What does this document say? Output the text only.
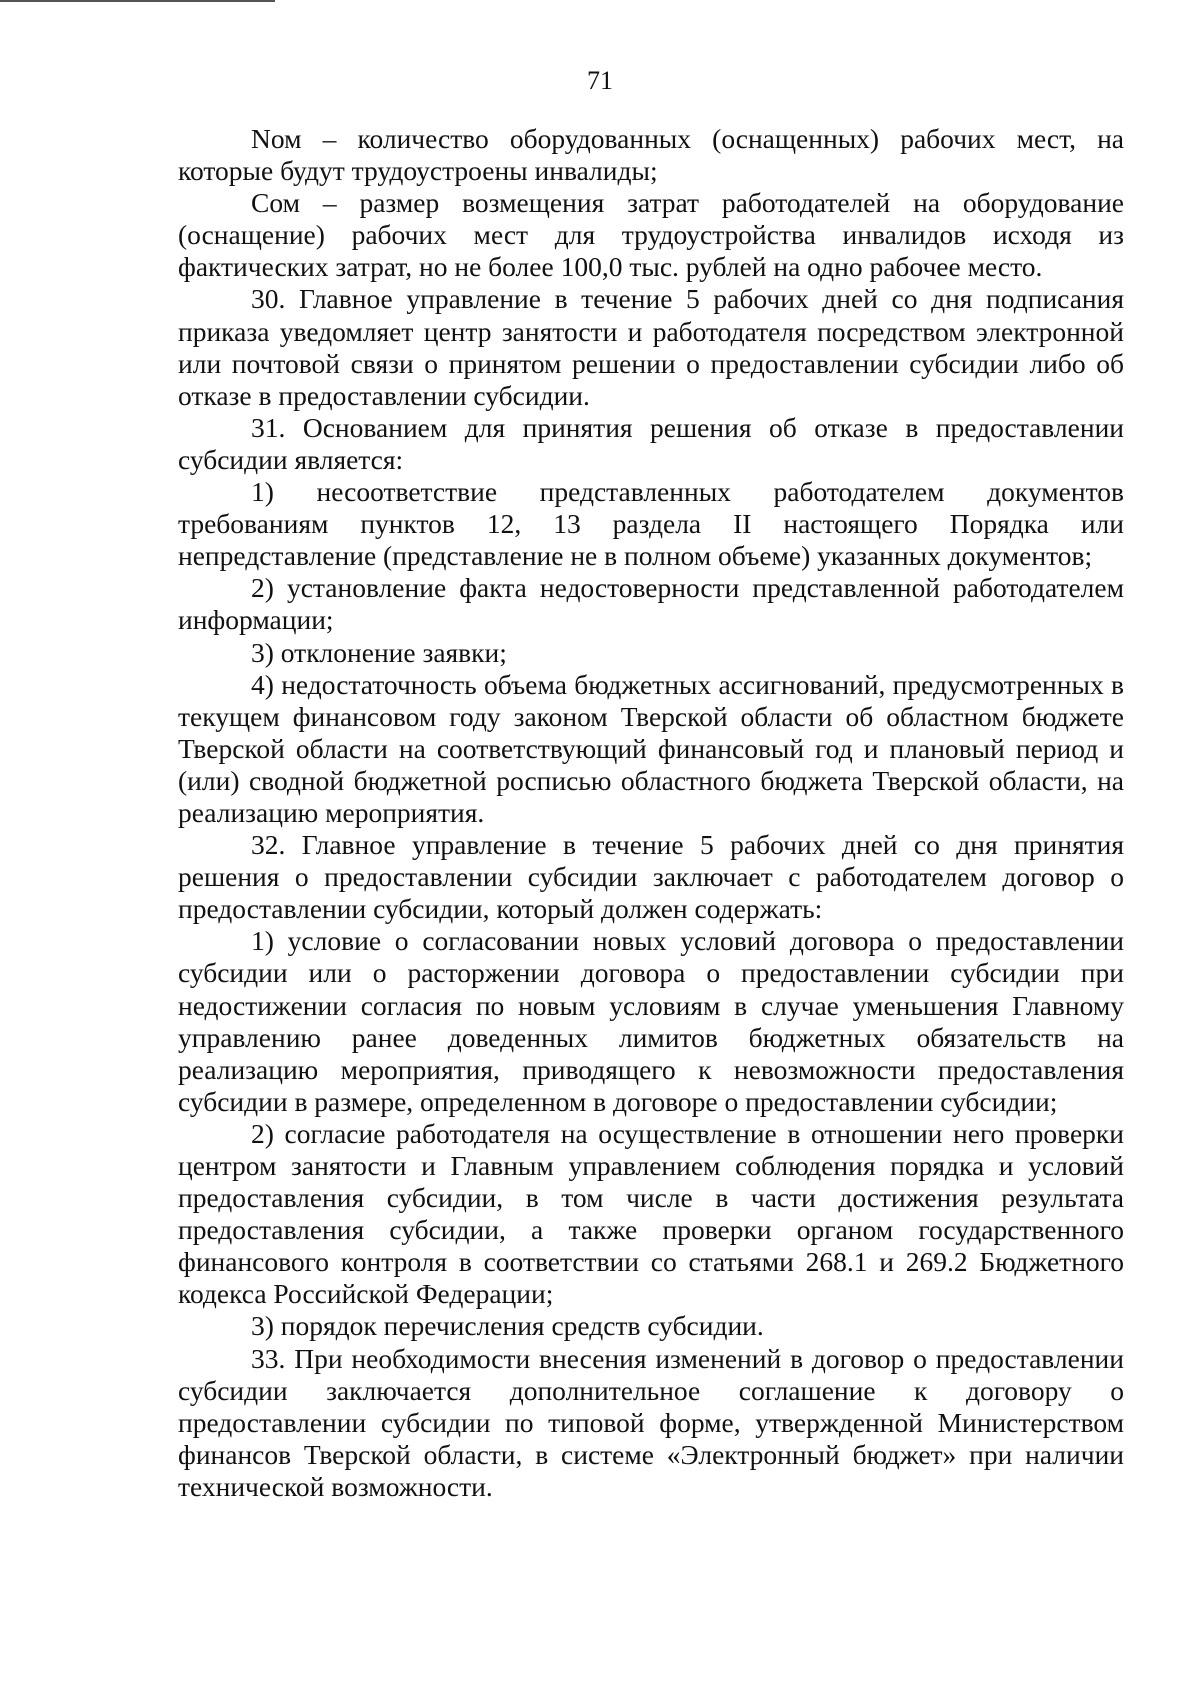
71

Nом – количество оборудованных (оснащенных) рабочих мест, на которые будут трудоустроены инвалиды;

Cом – размер возмещения затрат работодателей на оборудование (оснащение) рабочих мест для трудоустройства инвалидов исходя из фактических затрат, но не более 100,0 тыс. рублей на одно рабочее место.

30. Главное управление в течение 5 рабочих дней со дня подписания приказа уведомляет центр занятости и работодателя посредством электронной или почтовой связи о принятом решении о предоставлении субсидии либо об отказе в предоставлении субсидии.

31. Основанием для принятия решения об отказе в предоставлении субсидии является:

1) несоответствие представленных работодателем документов требованиям пунктов 12, 13 раздела II настоящего Порядка или непредставление (представление не в полном объеме) указанных документов;

2) установление факта недостоверности представленной работодателем информации;

3) отклонение заявки;

4) недостаточность объема бюджетных ассигнований, предусмотренных в текущем финансовом году законом Тверской области об областном бюджете Тверской области на соответствующий финансовый год и плановый период и (или) сводной бюджетной росписью областного бюджета Тверской области, на реализацию мероприятия.

32. Главное управление в течение 5 рабочих дней со дня принятия решения о предоставлении субсидии заключает с работодателем договор о предоставлении субсидии, который должен содержать:

1) условие о согласовании новых условий договора о предоставлении субсидии или о расторжении договора о предоставлении субсидии при недостижении согласия по новым условиям в случае уменьшения Главному управлению ранее доведенных лимитов бюджетных обязательств на реализацию мероприятия, приводящего к невозможности предоставления субсидии в размере, определенном в договоре о предоставлении субсидии;

2) согласие работодателя на осуществление в отношении него проверки центром занятости и Главным управлением соблюдения порядка и условий предоставления субсидии, в том числе в части достижения результата предоставления субсидии, а также проверки органом государственного финансового контроля в соответствии со статьями 268.1 и 269.2 Бюджетного кодекса Российской Федерации;

3) порядок перечисления средств субсидии.

33. При необходимости внесения изменений в договор о предоставлении субсидии заключается дополнительное соглашение к договору о предоставлении субсидии по типовой форме, утвержденной Министерством финансов Тверской области, в системе «Электронный бюджет» при наличии технической возможности.
